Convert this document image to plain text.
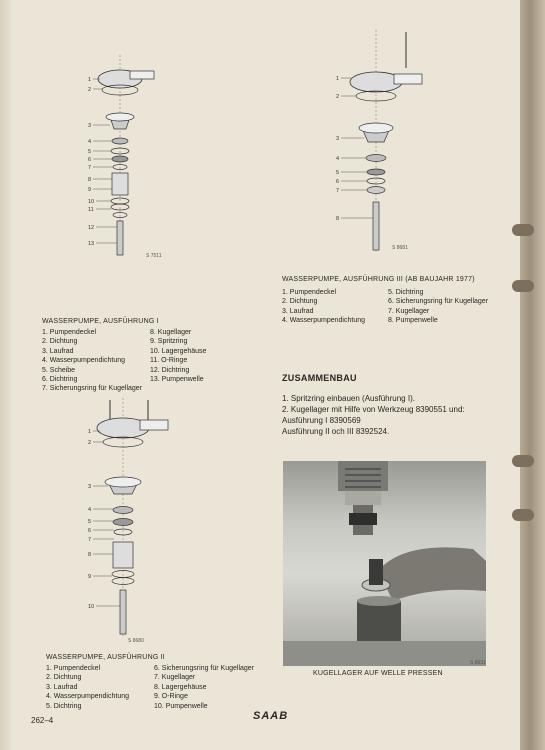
1
2
3
4
5
6
7
8
9
10
11
12
13
S 7511
WASSERPUMPE, AUSFÜHRUNG I
1. Pumpendeckel
2. Dichtung
3. Laufrad
4. Wasserpumpendichtung
5. Scheibe
6. Dichtring
7. Sicherungsring für Kugellager
8. Kugellager
9. Spritzring
10. Lagergehäuse
11. O-Ringe
12. Dichtring
13. Pumpenwelle
1
2
3
4
5
6
7
8
9
10
S 8680
WASSERPUMPE, AUSFÜHRUNG II
1. Pumpendeckel
2. Dichtung
3. Laufrad
4. Wasserpumpendichtung
5. Dichtring
6. Sicherungsring für Kugellager
7. Kugellager
8. Lagergehäuse
9. O-Ringe
10. Pumpenwelle
1
2
3
4
5
6
7
8
S 8681
WASSERPUMPE, AUSFÜHRUNG III (AB BAUJAHR 1977)
1. Pumpendeckel
2. Dichtung
3. Laufrad
4. Wasserpumpendichtung
5. Dichtring
6. Sicherungsring für Kugellager
7. Kugellager
8. Pumpenwelle
ZUSAMMENBAU
1. Spritzring einbauen (Ausführung I).
2. Kugellager mit Hilfe von Werkzeug 8390551 und:
Ausführung I 8390569
Ausführung II och III 8392524.
S 8631
KUGELLAGER AUF WELLE PRESSEN
262–4	SAAB
